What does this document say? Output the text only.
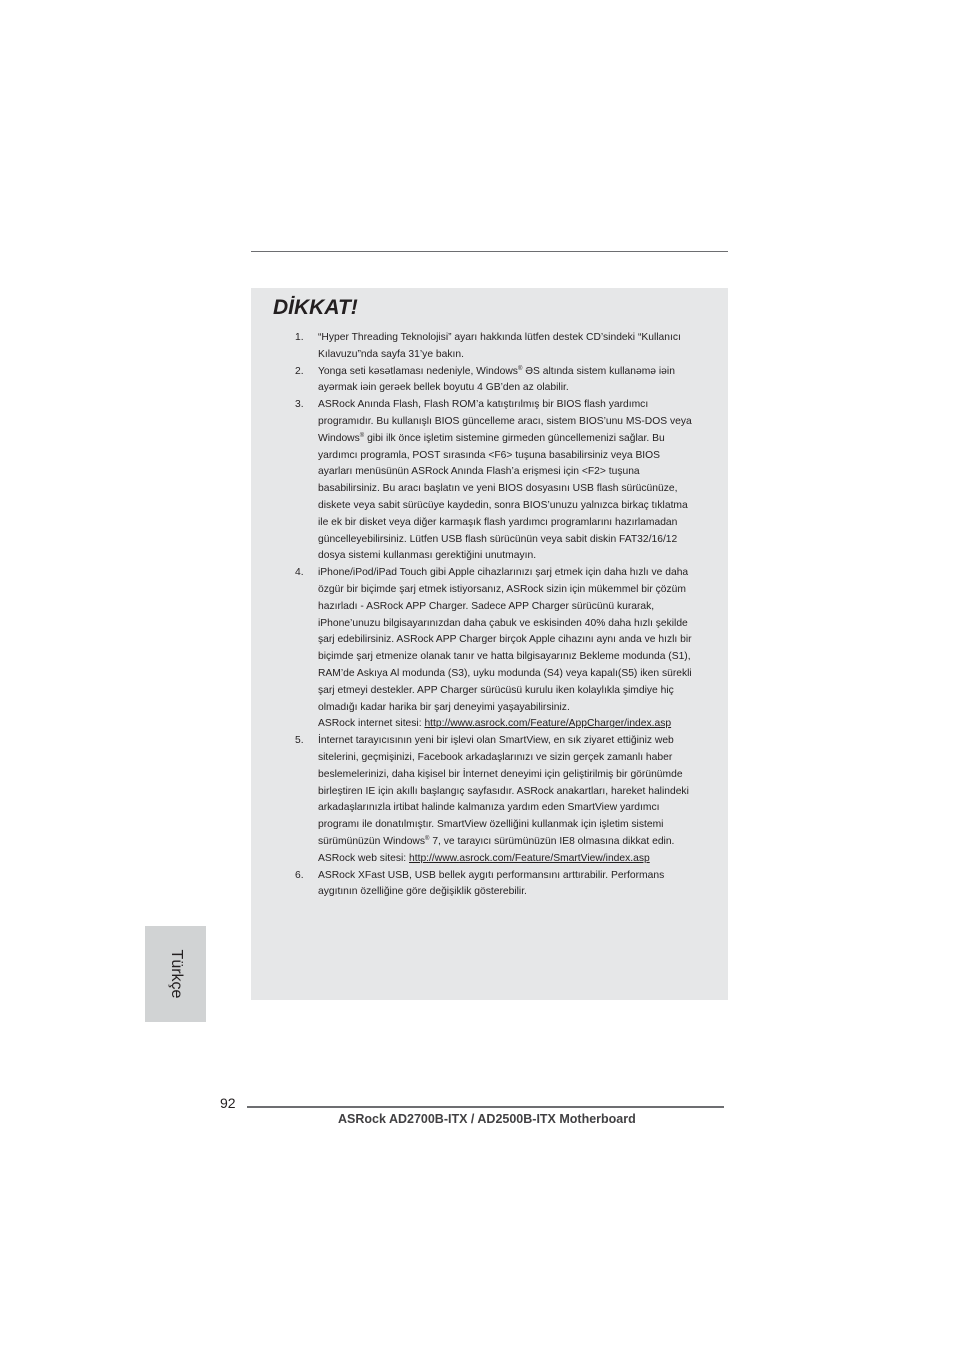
DİKKAT!
1. “Hyper Threading Teknolojisi” ayarı hakkında lütfen destek CD’sindeki “Kullanıcı Kılavuzu”nda sayfa 31’ye bakın.
2. Yonga seti kəsətlaması nedeniyle, Windows® ƏS altında sistem kullanəmə iəin ayərmak iəin gerəek bellek boyutu 4 GB’den az olabilir.
3. ASRock Anında Flash, Flash ROM’a katıştırılmış bir BIOS flash yardımcı programıdır. Bu kullanışlı BIOS güncelleme aracı, sistem BIOS’unu MS-DOS veya Windows® gibi ilk önce işletim sistemine girmeden güncellemenizi sağlar. Bu yardımcı programla, POST sırasında <F6> tuşuna basabilirsiniz veya BIOS ayarları menüsünün ASRock Anında Flash’a erişmesi için <F2> tuşuna basabilirsiniz. Bu aracı başlatın ve yeni BIOS dosyasını USB flash sürücünüze, diskete veya sabit sürücüye kaydedin, sonra BIOS’unuzu yalnızca birkaç tıklatma ile ek bir disket veya diğer karmaşık flash yardımcı programlarını hazırlamadan güncelleyebilirsiniz. Lütfen USB flash sürücünün veya sabit diskin FAT32/16/12 dosya sistemi kullanması gerektiğini unutmayın.
4. iPhone/iPod/iPad Touch gibi Apple cihazlarınızı şarj etmek için daha hızlı ve daha özgür bir biçimde şarj etmek istiyorsanız, ASRock sizin için mükemmel bir çözüm hazırladı - ASRock APP Charger. Sadece APP Charger sürücünü kurarak, iPhone’unuzu bilgisayarınızdan daha çabuk ve eskisinden 40% daha hızlı şekilde şarj edebilirsiniz. ASRock APP Charger birçok Apple cihazını aynı anda ve hızlı bir biçimde şarj etmenize olanak tanır ve hatta bilgisayarınız Bekleme modunda (S1), RAM’de Askıya Al modunda (S3), uyku modunda (S4) veya kapalı(S5) iken sürekli şarj etmeyi destekler. APP Charger sürücüsü kurulu iken kolaylıkla şimdiye hiç olmadığı kadar harika bir şarj deneyimi yaşayabilirsiniz.
ASRock internet sitesi: http://www.asrock.com/Feature/AppCharger/index.asp
5. İnternet tarayıcısının yeni bir işlevi olan SmartView, en sık ziyaret ettiğiniz web sitelerini, geçmişinizi, Facebook arkadaşlarınızı ve sizin gerçek zamanlı haber beslemelerinizi, daha kişisel bir İnternet deneyimi için geliştirilmiş bir görünümde birleştiren IE için akıllı başlangıç sayfasıdır. ASRock anakartları, hareket halindeki arkadaşlarınızla irtibat halinde kalmanıza yardım eden SmartView yardımcı programı ile donatılmıştır. SmartView özelliğini kullanmak için işletim sistemi sürümünüzün Windows® 7, ve tarayıcı sürümünüzün IE8 olmasına dikkat edin. ASRock web sitesi: http://www.asrock.com/Feature/SmartView/index.asp
6. ASRock XFast USB, USB bellek aygıtı performansını arttırabilir. Performans aygıtının özelliğine göre değişiklik gösterebilir.
Türkçe
92
ASRock AD2700B-ITX / AD2500B-ITX Motherboard
